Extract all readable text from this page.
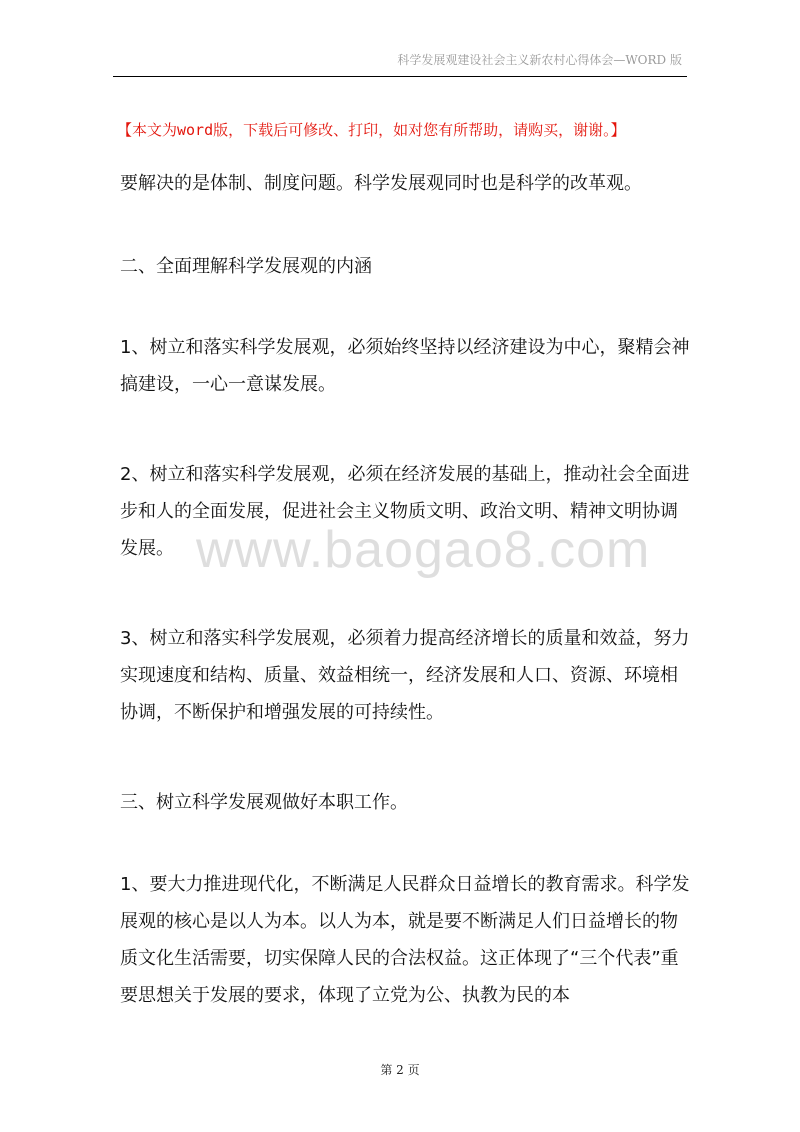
科学发展观建设社会主义新农村心得体会—WORD 版
【本文为word版，下载后可修改、打印，如对您有所帮助，请购买，谢谢。】

要解决的是体制、制度问题。科学发展观同时也是科学的改革观。

二、全面理解科学发展观的内涵

1、树立和落实科学发展观，必须始终坚持以经济建设为中心，聚精会神搞建设，一心一意谋发展。

2、树立和落实科学发展观，必须在经济发展的基础上，推动社会全面进步和人的全面发展，促进社会主义物质文明、政治文明、精神文明协调发展。

3、树立和落实科学发展观，必须着力提高经济增长的质量和效益，努力实现速度和结构、质量、效益相统一，经济发展和人口、资源、环境相协调，不断保护和增强发展的可持续性。

三、树立科学发展观做好本职工作。

1、要大力推进现代化，不断满足人民群众日益增长的教育需求。科学发展观的核心是以人为本。以人为本，就是要不断满足人们日益增长的物质文化生活需要，切实保障人民的合法权益。这正体现了“三个代表”重要思想关于发展的要求，体现了立党为公、执教为民的本

www.baogao8.com
第 2 页
